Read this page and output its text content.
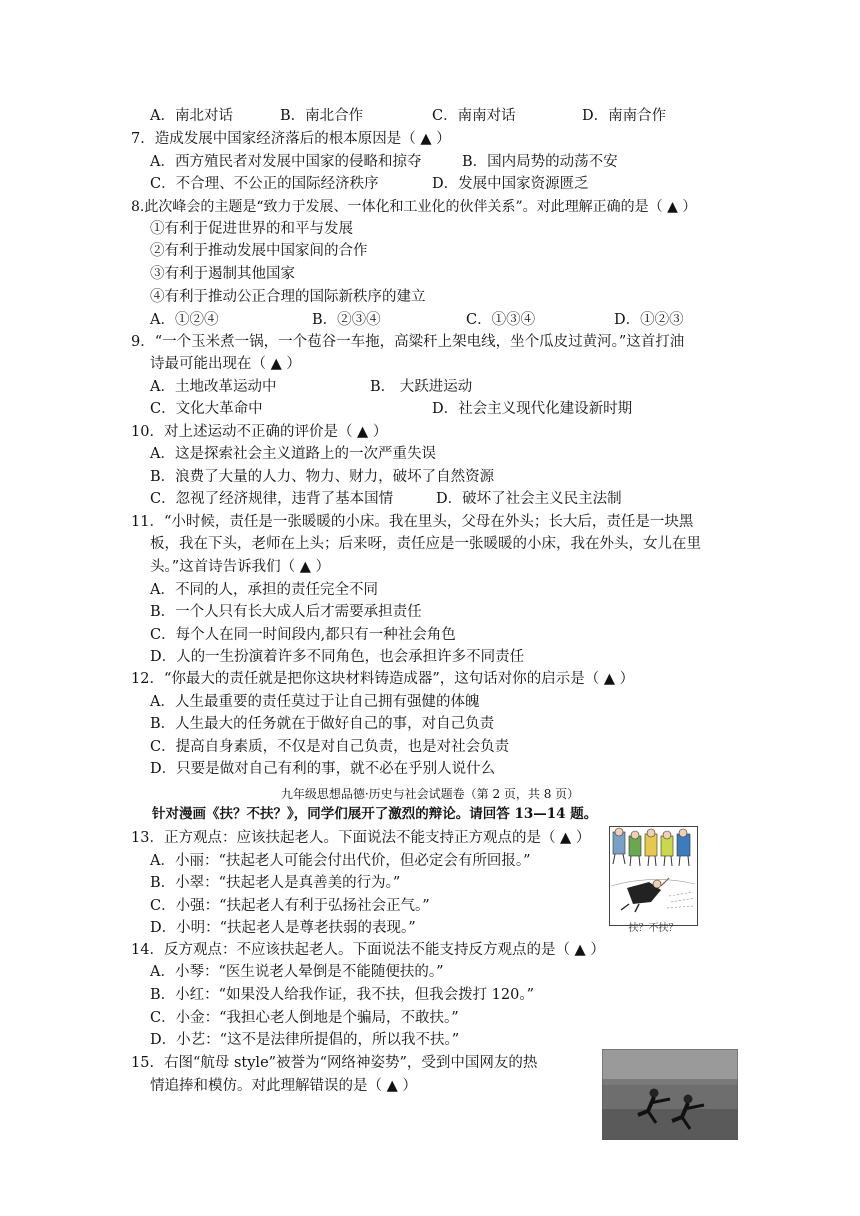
A．南北对话	B．南北合作	C．南南对话	D．南南合作
7．造成发展中国家经济落后的根本原因是（ ▲ ）
A．西方殖民者对发展中国家的侵略和掠夺	B．国内局势的动荡不安
C．不合理、不公正的国际经济秩序	D．发展中国家资源匮乏
8.此次峰会的主题是“致力于发展、一体化和工业化的伙伴关系”。对此理解正确的是（ ▲ ）
①有利于促进世界的和平与发展
②有利于推动发展中国家间的合作
③有利于遏制其他国家
④有利于推动公正合理的国际新秩序的建立
A．①②④	B．②③④	C．①③④	D．①②③
9．“一个玉米煮一锅，一个苞谷一车拖，高粱秆上架电线，坐个瓜皮过黄河。”这首打油
诗最可能出现在（ ▲ ）
A．土地改革运动中	B． 大跃进运动
C．文化大革命中	D．社会主义现代化建设新时期
10．对上述运动不正确的评价是（ ▲ ）
A．这是探索社会主义道路上的一次严重失误
B．浪费了大量的人力、物力、财力，破坏了自然资源
C．忽视了经济规律，违背了基本国情	D．破坏了社会主义民主法制
11．“小时候，责任是一张暖暖的小床。我在里头，父母在外头；长大后，责任是一块黑
板，我在下头，老师在上头；后来呀，责任应是一张暖暖的小床，我在外头，女儿在里
头。”这首诗告诉我们（ ▲ ）
A．不同的人，承担的责任完全不同
B．一个人只有长大成人后才需要承担责任
C．每个人在同一时间段内,都只有一种社会角色
D．人的一生扮演着许多不同角色，也会承担许多不同责任
12．“你最大的责任就是把你这块材料铸造成器”，这句话对你的启示是（ ▲ ）
A．人生最重要的责任莫过于让自己拥有强健的体魄
B．人生最大的任务就在于做好自己的事，对自己负责
C．提高自身素质，不仅是对自己负责，也是对社会负责
D．只要是做对自己有利的事，就不必在乎别人说什么
九年级思想品德·历史与社会试题卷（第 2 页，共 8 页）
针对漫画《扶？不扶？》，同学们展开了激烈的辩论。请回答 13—14 题。
13．正方观点：应该扶起老人。下面说法不能支持正方观点的是（ ▲ ）
A．小丽：“扶起老人可能会付出代价，但必定会有所回报。”
B．小翠：“扶起老人是真善美的行为。”
C．小强：“扶起老人有利于弘扬社会正气。”
D．小明：“扶起老人是尊老扶弱的表现。”	扶？不扶？
14．反方观点：不应该扶起老人。下面说法不能支持反方观点的是（ ▲ ）
A．小琴：“医生说老人晕倒是不能随便扶的。”
B．小红：“如果没人给我作证，我不扶，但我会拨打 120。”
C．小金：“我担心老人倒地是个骗局，不敢扶。”
D．小艺：“这不是法律所提倡的，所以我不扶。”
15．右图“航母 style”被誉为“网络神姿势”，受到中国网友的热
情追捧和模仿。对此理解错误的是（ ▲ ）
